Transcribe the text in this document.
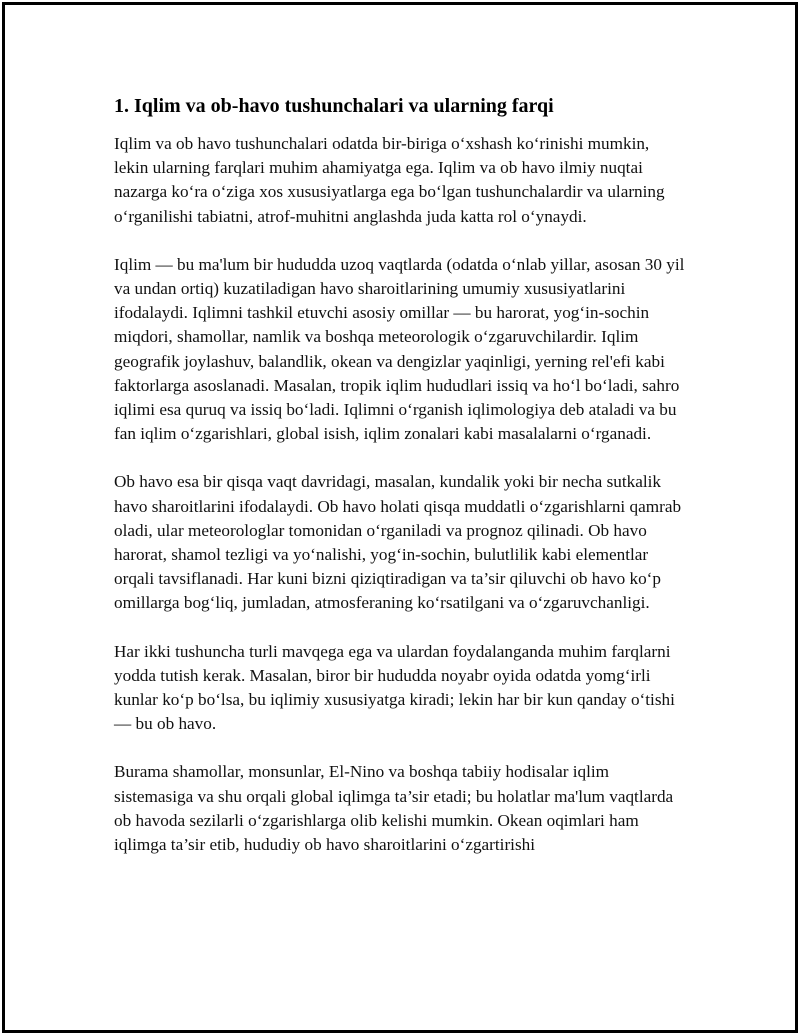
1. Iqlim va ob-havo tushunchalari va ularning farqi

Iqlim va ob havo tushunchalari odatda bir-biriga o‘xshash ko‘rinishi mumkin, lekin ularning farqlari muhim ahamiyatga ega. Iqlim va ob havo ilmiy nuqtai nazarga ko‘ra o‘ziga xos xususiyatlarga ega bo‘lgan tushunchalardir va ularning o‘rganilishi tabiatni, atrof-muhitni anglashda juda katta rol o‘ynaydi.

Iqlim — bu ma'lum bir hududda uzoq vaqtlarda (odatda o‘nlab yillar, asosan 30 yil va undan ortiq) kuzatiladigan havo sharoitlarining umumiy xususiyatlarini ifodalaydi. Iqlimni tashkil etuvchi asosiy omillar — bu harorat, yog‘in-sochin miqdori, shamollar, namlik va boshqa meteorologik o‘zgaruvchilardir. Iqlim geografik joylashuv, balandlik, okean va dengizlar yaqinligi, yerning rel'efi kabi faktorlarga asoslanadi. Masalan, tropik iqlim hududlari issiq va ho‘l bo‘ladi, sahro iqlimi esa quruq va issiq bo‘ladi. Iqlimni o‘rganish iqlimologiya deb ataladi va bu fan iqlim o‘zgarishlari, global isish, iqlim zonalari kabi masalalarni o‘rganadi.

Ob havo esa bir qisqa vaqt davridagi, masalan, kundalik yoki bir necha sutkalik havo sharoitlarini ifodalaydi. Ob havo holati qisqa muddatli o‘zgarishlarni qamrab oladi, ular meteorologlar tomonidan o‘rganiladi va prognoz qilinadi. Ob havo harorat, shamol tezligi va yo‘nalishi, yog‘in-sochin, bulutlilik kabi elementlar orqali tavsiflanadi. Har kuni bizni qiziqtiradigan va ta’sir qiluvchi ob havo ko‘p omillarga bog‘liq, jumladan, atmosferaning ko‘rsatilgani va o‘zgaruvchanligi.

Har ikki tushuncha turli mavqega ega va ulardan foydalanganda muhim farqlarni yodda tutish kerak. Masalan, biror bir hududda noyabr oyida odatda yomg‘irli kunlar ko‘p bo‘lsa, bu iqlimiy xususiyatga kiradi; lekin har bir kun qanday o‘tishi — bu ob havo.

Burama shamollar, monsunlar, El-Nino va boshqa tabiiy hodisalar iqlim sistemasiga va shu orqali global iqlimga ta’sir etadi; bu holatlar ma'lum vaqtlarda ob havoda sezilarli o‘zgarishlarga olib kelishi mumkin. Okean oqimlari ham iqlimga ta’sir etib, hududiy ob havo sharoitlarini o‘zgartirishi
